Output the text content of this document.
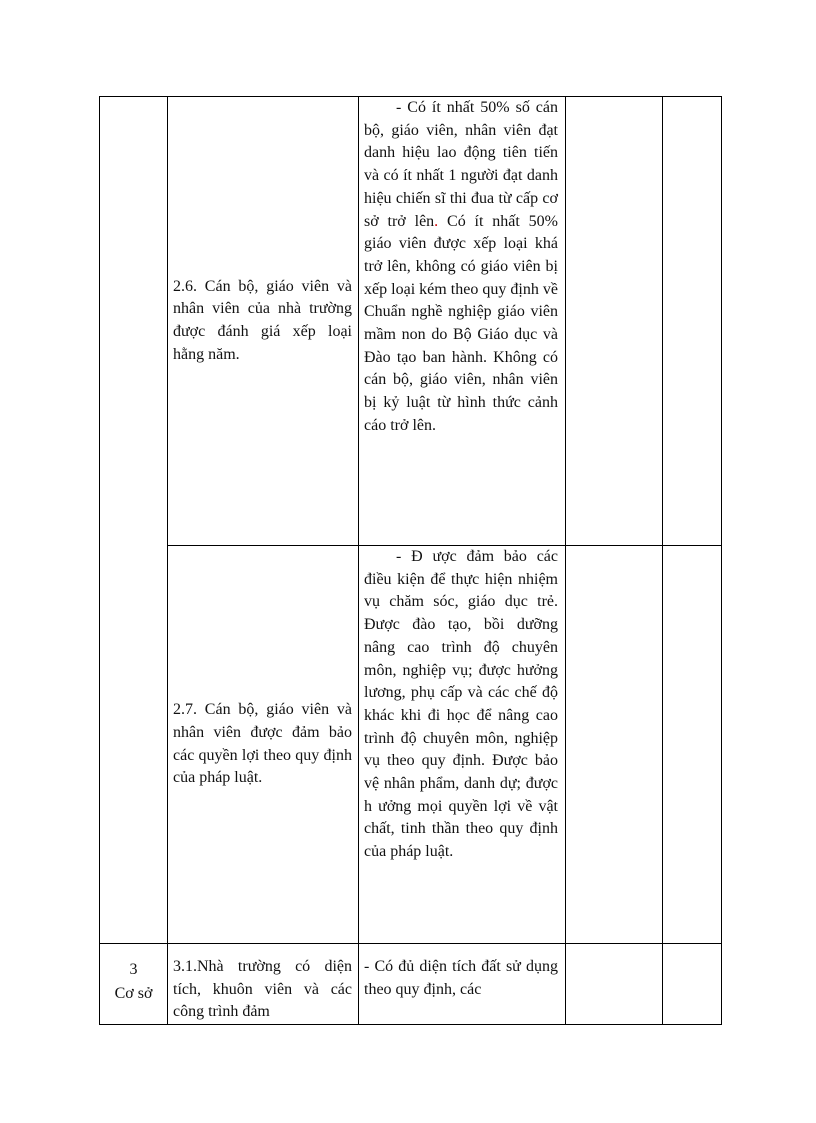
	2.6. Cán bộ, giáo viên và nhân viên của nhà trường được đánh giá xếp loại hằng năm.	- Có ít nhất 50% số cán bộ, giáo viên, nhân viên đạt danh hiệu lao động tiên tiến và có ít nhất 1 người đạt danh hiệu chiến sĩ thi đua từ cấp cơ sở trở lên. Có ít nhất 50% giáo viên được xếp loại khá trở lên, không có giáo viên bị xếp loại kém theo quy định về Chuẩn nghề nghiệp giáo viên mầm non do Bộ Giáo dục và Đào tạo ban hành. Không có cán bộ, giáo viên, nhân viên bị kỷ luật từ hình thức cảnh cáo trở lên.		

	2.7. Cán bộ, giáo viên và nhân viên được đảm bảo các quyền lợi theo quy định của pháp luật.	- Đ ược đảm bảo các điều kiện để thực hiện nhiệm vụ chăm sóc, giáo dục trẻ. Được đào tạo, bồi dưỡng nâng cao trình độ chuyên môn, nghiệp vụ; được hưởng lương, phụ cấp và các chế độ khác khi đi học để nâng cao trình độ chuyên môn, nghiệp vụ theo quy định. Được bảo vệ nhân phẩm, danh dự; được h ưởng mọi quyền lợi về vật chất, tinh thần theo quy định của pháp luật.		

3
Cơ sở	3.1.Nhà trường có diện tích, khuôn viên và các công trình đảm	- Có đủ diện tích đất sử dụng theo quy định, các		
